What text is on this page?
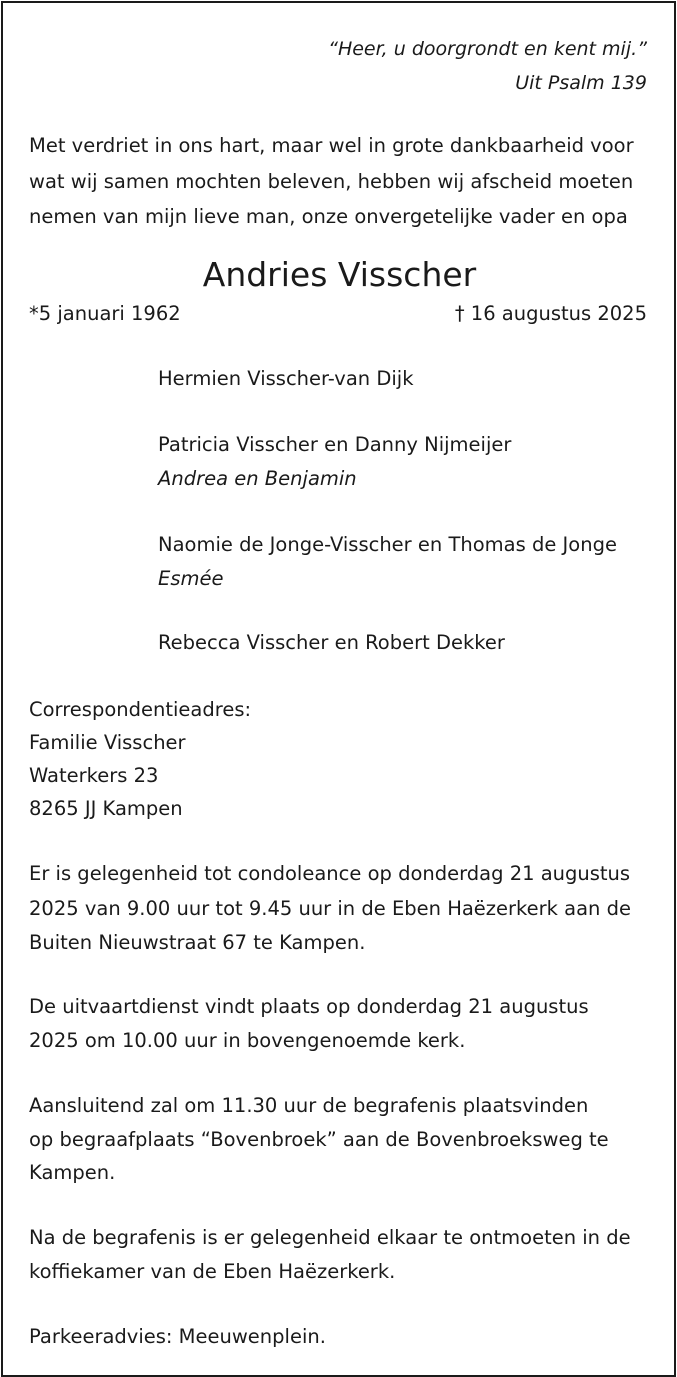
“Heer, u doorgrondt en kent mij.”

Uit Psalm 139

Met verdriet in ons hart, maar wel in grote dankbaarheid voor

wat wij samen mochten beleven, hebben wij afscheid moeten

nemen van mijn lieve man, onze onvergetelijke vader en opa

Andries Visscher

*5 januari 1962	† 16 augustus 2025

Hermien Visscher-van Dijk

Patricia Visscher en Danny Nijmeijer

Andrea en Benjamin

Naomie de Jonge-Visscher en Thomas de Jonge

Esmée

Rebecca Visscher en Robert Dekker

Correspondentieadres:

Familie Visscher

Waterkers 23

8265 JJ Kampen

Er is gelegenheid tot condoleance op donderdag 21 augustus

2025 van 9.00 uur tot 9.45 uur in de Eben Haëzerkerk aan de

Buiten Nieuwstraat 67 te Kampen.

De uitvaartdienst vindt plaats op donderdag 21 augustus

2025 om 10.00 uur in bovengenoemde kerk.

Aansluitend zal om 11.30 uur de begrafenis plaatsvinden

op begraafplaats “Bovenbroek” aan de Bovenbroeksweg te

Kampen.

Na de begrafenis is er gelegenheid elkaar te ontmoeten in de

koffiekamer van de Eben Haëzerkerk.

Parkeeradvies: Meeuwenplein.
